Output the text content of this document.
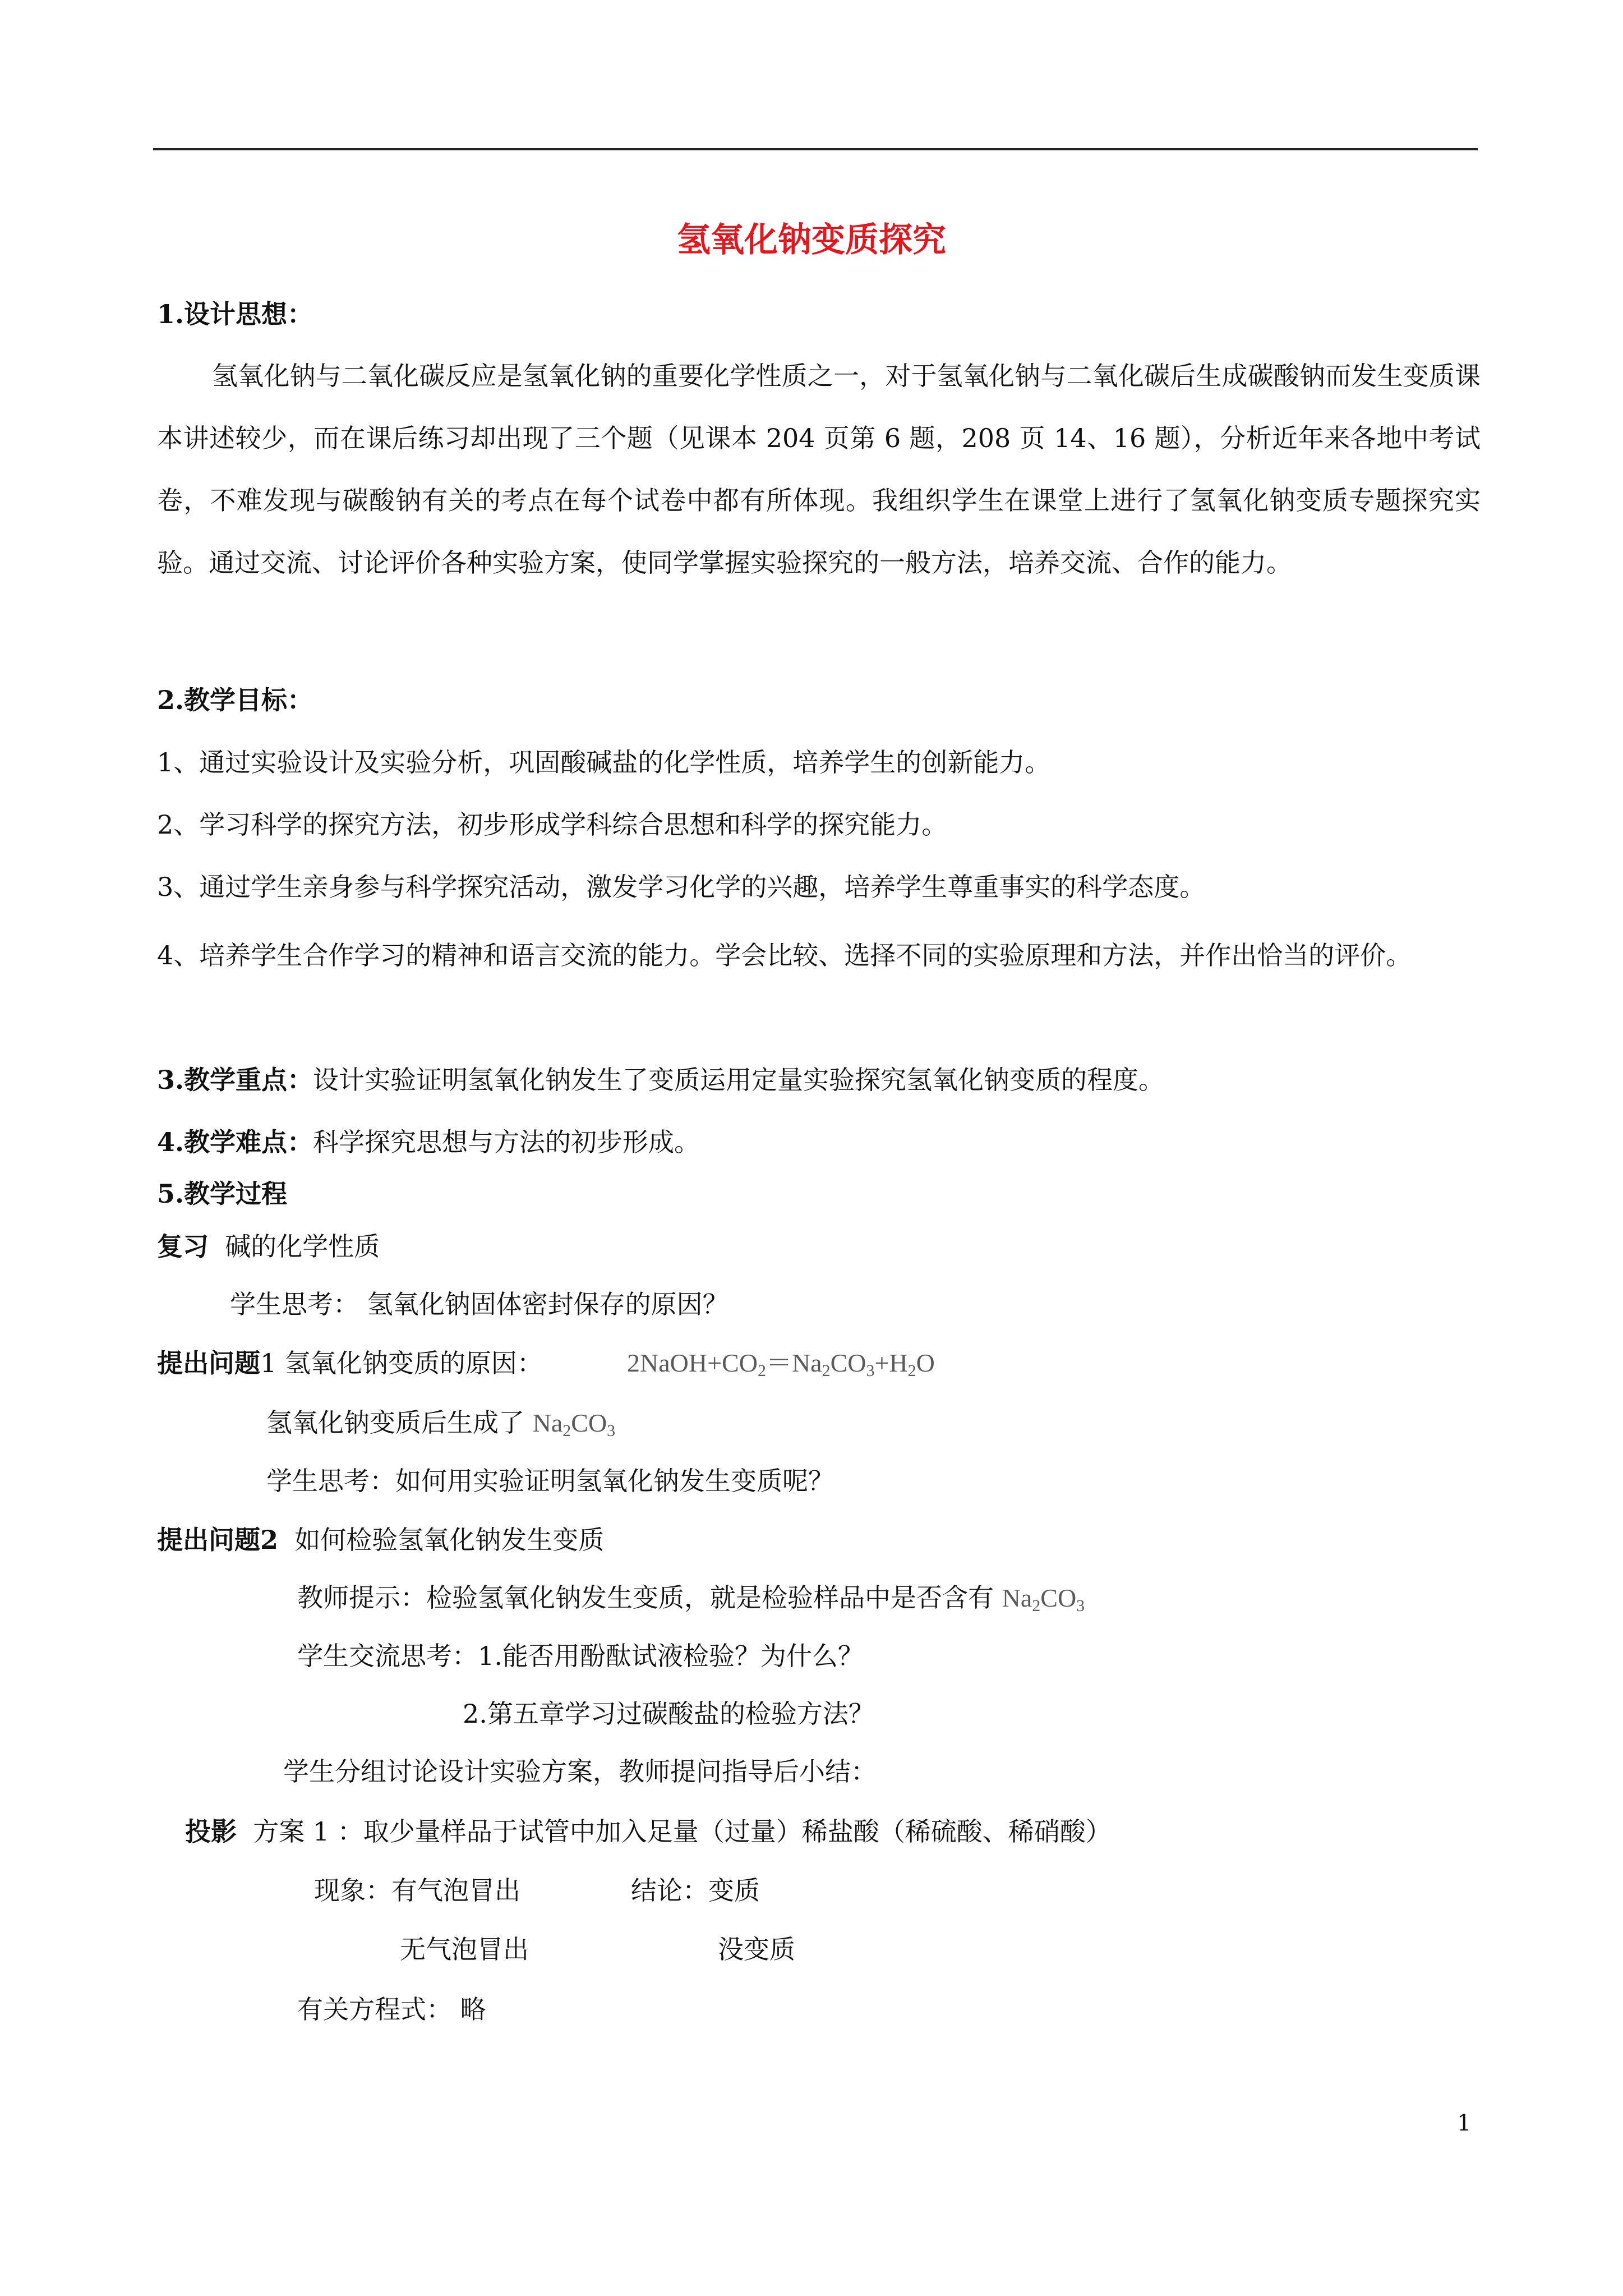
氢氧化钠变质探究
1.设计思想：
氢氧化钠与二氧化碳反应是氢氧化钠的重要化学性质之一，对于氢氧化钠与二氧化碳后生成碳酸钠而发生变质课本讲述较少，而在课后练习却出现了三个题（见课本 204 页第 6 题，208 页 14、16 题），分析近年来各地中考试卷，不难发现与碳酸钠有关的考点在每个试卷中都有所体现。我组织学生在课堂上进行了氢氧化钠变质专题探究实验。通过交流、讨论评价各种实验方案，使同学掌握实验探究的一般方法，培养交流、合作的能力。
2.教学目标：
1、通过实验设计及实验分析，巩固酸碱盐的化学性质，培养学生的创新能力。
2、学习科学的探究方法，初步形成学科综合思想和科学的探究能力。
3、通过学生亲身参与科学探究活动，激发学习化学的兴趣，培养学生尊重事实的科学态度。
4、培养学生合作学习的精神和语言交流的能力。学会比较、选择不同的实验原理和方法，并作出恰当的评价。
3.教学重点：设计实验证明氢氧化钠发生了变质运用定量实验探究氢氧化钠变质的程度。
4.教学难点：科学探究思想与方法的初步形成。
5.教学过程
复习 碱的化学性质
学生思考： 氢氧化钠固体密封保存的原因？
提出问题1 氢氧化钠变质的原因：	$2NaOH+CO_2=Na_2CO_3+H_2O$
氢氧化钠变质后生成了 $Na_2CO_3$
学生思考：如何用实验证明氢氧化钠发生变质呢？
提出问题2 如何检验氢氧化钠发生变质
教师提示：检验氢氧化钠发生变质，就是检验样品中是否含有 $Na_2CO_3$
学生交流思考：1.能否用酚酞试液检验？为什么？
2.第五章学习过碳酸盐的检验方法？
学生分组讨论设计实验方案，教师提问指导后小结：
投影 方案 1 ：取少量样品于试管中加入足量（过量）稀盐酸（稀硫酸、稀硝酸）
现象：有气泡冒出	结论：变质
无气泡冒出	没变质
有关方程式： 略
1
